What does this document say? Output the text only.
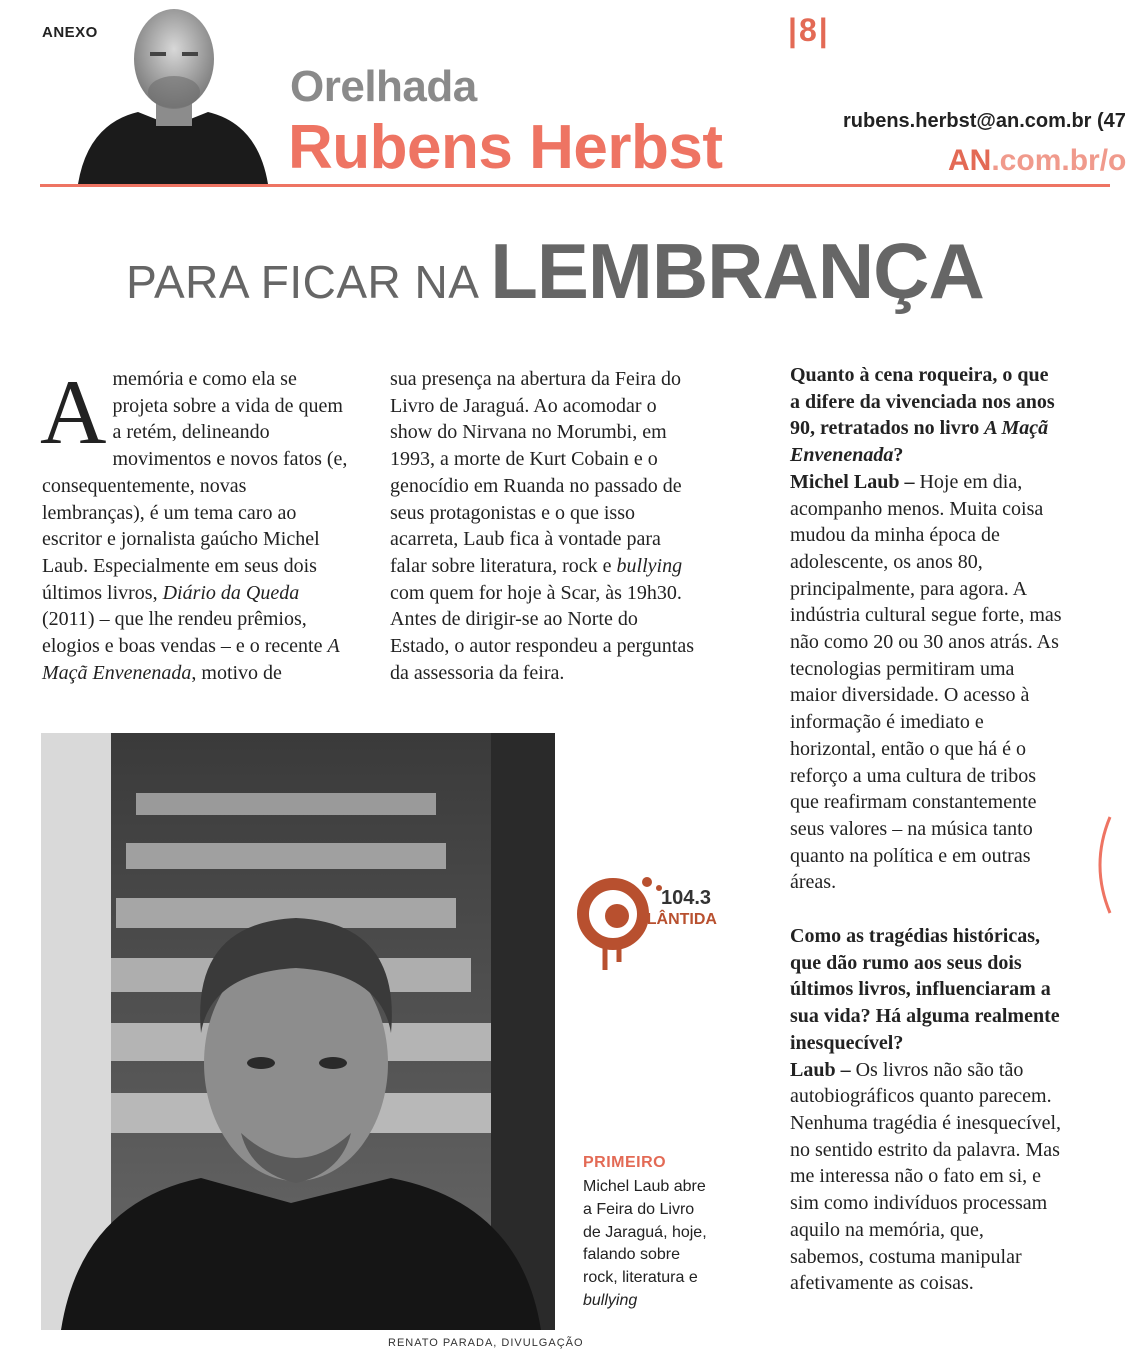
ANEXO	|8|
Orelhada
Rubens Herbst	rubens.herbst@an.com.br (47
AN.com.br/o
PARA FICAR NA LEMBRANÇA

A memória e como ela se projeta sobre a vida de quem a retém, delineando movimentos e novos fatos (e, consequentemente, novas lembranças), é um tema caro ao escritor e jornalista gaúcho Michel Laub. Especialmente em seus dois últimos livros, Diário da Queda (2011) – que lhe rendeu prêmios, elogios e boas vendas – e o recente A Maçã Envenenada, motivo de

sua presença na abertura da Feira do Livro de Jaraguá. Ao acomodar o show do Nirvana no Morumbi, em 1993, a morte de Kurt Cobain e o genocídio em Ruanda no passado de seus protagonistas e o que isso acarreta, Laub fica à vontade para falar sobre literatura, rock e bullying com quem for hoje à Scar, às 19h30. Antes de dirigir-se ao Norte do Estado, o autor respondeu a perguntas da assessoria da feira.

Quanto à cena roqueira, o que a difere da vivenciada nos anos 90, retratados no livro A Maçã Envenenada?

Michel Laub – Hoje em dia, acompanho menos. Muita coisa mudou da minha época de adolescente, os anos 80, principalmente, para agora. A indústria cultural segue forte, mas não como 20 ou 30 anos atrás. As tecnologias permitiram uma maior diversidade. O acesso à informação é imediato e horizontal, então o que há é o reforço a uma cultura de tribos que reafirmam constantemente seus valores – na música tanto quanto na política e em outras áreas.

Como as tragédias históricas, que dão rumo aos seus dois últimos livros, influenciaram a sua vida? Há alguma realmente inesquecível?

Laub – Os livros não são tão autobiográficos quanto parecem. Nenhuma tragédia é inesquecível, no sentido estrito da palavra. Mas me interessa não o fato em si, e sim como indivíduos processam aquilo na memória, que, sabemos, costuma manipular afetivamente as coisas.

RENATO PARADA, DIVULGAÇÃO
104.3
TLÂNTIDA
PRIMEIRO
Michel Laub abre a Feira do Livro de Jaraguá, hoje, falando sobre rock, literatura e bullying
